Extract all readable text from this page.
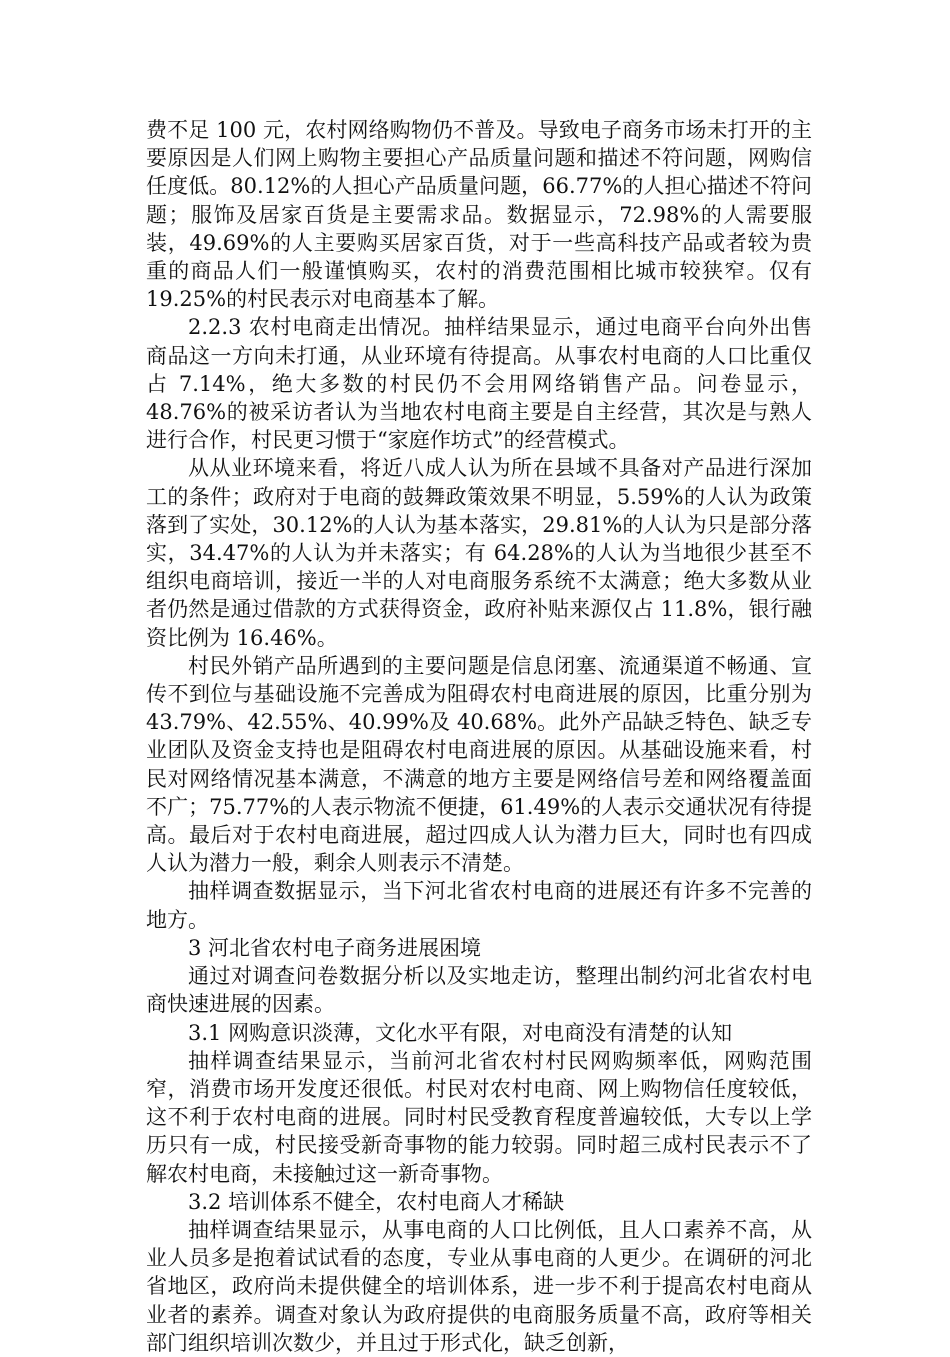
费不足 100 元，农村网络购物仍不普及。导致电子商务市场未打开的主要原因是人们网上购物主要担心产品质量问题和描述不符问题，网购信任度低。80.12%的人担心产品质量问题，66.77%的人担心描述不符问题；服饰及居家百货是主要需求品。数据显示，72.98%的人需要服装，49.69%的人主要购买居家百货，对于一些高科技产品或者较为贵重的商品人们一般谨慎购买，农村的消费范围相比城市较狭窄。仅有 19.25%的村民表示对电商基本了解。

2.2.3 农村电商走出情况。抽样结果显示，通过电商平台向外出售商品这一方向未打通，从业环境有待提高。从事农村电商的人口比重仅占 7.14%，绝大多数的村民仍不会用网络销售产品。问卷显示，48.76%的被采访者认为当地农村电商主要是自主经营，其次是与熟人进行合作，村民更习惯于“家庭作坊式”的经营模式。

从从业环境来看，将近八成人认为所在县域不具备对产品进行深加工的条件；政府对于电商的鼓舞政策效果不明显，5.59%的人认为政策落到了实处，30.12%的人认为基本落实，29.81%的人认为只是部分落实，34.47%的人认为并未落实；有 64.28%的人认为当地很少甚至不组织电商培训，接近一半的人对电商服务系统不太满意；绝大多数从业者仍然是通过借款的方式获得资金，政府补贴来源仅占 11.8%，银行融资比例为 16.46%。

村民外销产品所遇到的主要问题是信息闭塞、流通渠道不畅通、宣传不到位与基础设施不完善成为阻碍农村电商进展的原因，比重分别为 43.79%、42.55%、40.99%及 40.68%。此外产品缺乏特色、缺乏专业团队及资金支持也是阻碍农村电商进展的原因。从基础设施来看，村民对网络情况基本满意，不满意的地方主要是网络信号差和网络覆盖面不广；75.77%的人表示物流不便捷，61.49%的人表示交通状况有待提高。最后对于农村电商进展，超过四成人认为潜力巨大，同时也有四成人认为潜力一般，剩余人则表示不清楚。

抽样调查数据显示，当下河北省农村电商的进展还有许多不完善的地方。

3 河北省农村电子商务进展困境

通过对调查问卷数据分析以及实地走访，整理出制约河北省农村电商快速进展的因素。

3.1 网购意识淡薄，文化水平有限，对电商没有清楚的认知

抽样调查结果显示，当前河北省农村村民网购频率低，网购范围窄，消费市场开发度还很低。村民对农村电商、网上购物信任度较低，这不利于农村电商的进展。同时村民受教育程度普遍较低，大专以上学历只有一成，村民接受新奇事物的能力较弱。同时超三成村民表示不了解农村电商，未接触过这一新奇事物。

3.2 培训体系不健全，农村电商人才稀缺

抽样调查结果显示，从事电商的人口比例低，且人口素养不高，从业人员多是抱着试试看的态度，专业从事电商的人更少。在调研的河北省地区，政府尚未提供健全的培训体系，进一步不利于提高农村电商从业者的素养。调查对象认为政府提供的电商服务质量不高，政府等相关部门组织培训次数少，并且过于形式化，缺乏创新，
